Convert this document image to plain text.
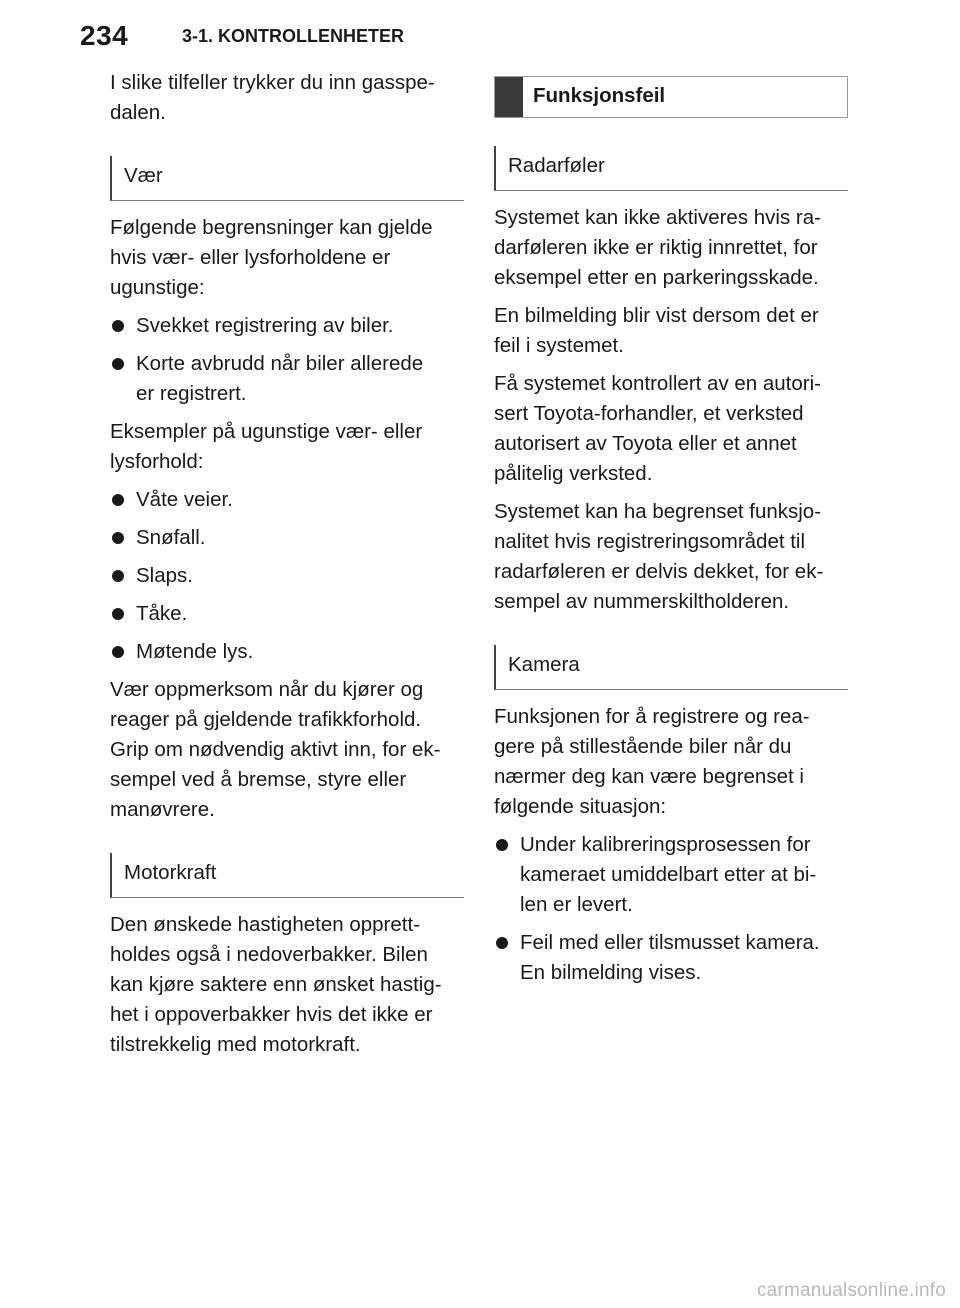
234	3-1. KONTROLLENHETER

I slike tilfeller trykker du inn gasspe-
dalen.

Vær

Følgende begrensninger kan gjelde
hvis vær- eller lysforholdene er
ugunstige:

Svekket registrering av biler.
Korte avbrudd når biler allerede
er registrert.

Eksempler på ugunstige vær- eller
lysforhold:

Våte veier.
Snøfall.
Slaps.
Tåke.
Møtende lys.

Vær oppmerksom når du kjører og
reager på gjeldende trafikkforhold.
Grip om nødvendig aktivt inn, for ek-
sempel ved å bremse, styre eller
manøvrere.

Motorkraft

Den ønskede hastigheten opprett-
holdes også i nedoverbakker. Bilen
kan kjøre saktere enn ønsket hastig-
het i oppoverbakker hvis det ikke er
tilstrekkelig med motorkraft.

Funksjonsfeil
Radarføler

Systemet kan ikke aktiveres hvis ra-
darføleren ikke er riktig innrettet, for
eksempel etter en parkeringsskade.

En bilmelding blir vist dersom det er
feil i systemet.

Få systemet kontrollert av en autori-
sert Toyota-forhandler, et verksted
autorisert av Toyota eller et annet
pålitelig verksted.

Systemet kan ha begrenset funksjo-
nalitet hvis registreringsområdet til
radarføleren er delvis dekket, for ek-
sempel av nummerskiltholderen.

Kamera

Funksjonen for å registrere og rea-
gere på stillestående biler når du
nærmer deg kan være begrenset i
følgende situasjon:

Under kalibreringsprosessen for
kameraet umiddelbart etter at bi-
len er levert.
Feil med eller tilsmusset kamera.
En bilmelding vises.
carmanualsonline.info
